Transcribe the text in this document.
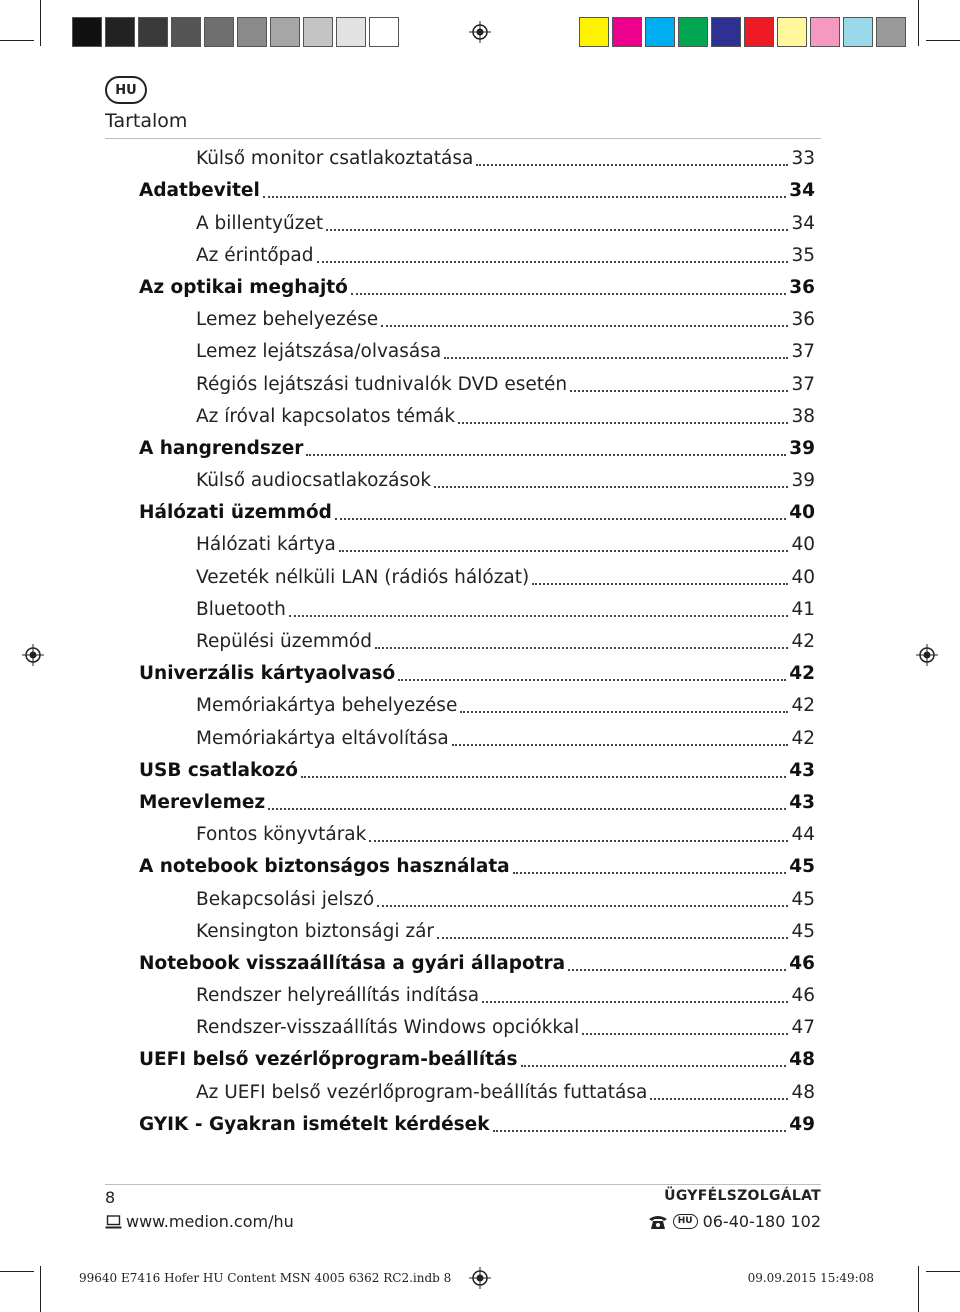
HU
Tartalom
Külső monitor csatlakoztatása	33
Adatbevitel	34
A billentyűzet	34
Az érintőpad	35
Az optikai meghajtó	36
Lemez behelyezése	36
Lemez lejátszása/olvasása	37
Régiós lejátszási tudnivalók DVD esetén	37
Az íróval kapcsolatos témák	38
A hangrendszer	39
Külső audiocsatlakozások	39
Hálózati üzemmód	40
Hálózati kártya	40
Vezeték nélküli LAN (rádiós hálózat)	40
Bluetooth	41
Repülési üzemmód	42
Univerzális kártyaolvasó	42
Memóriakártya behelyezése	42
Memóriakártya eltávolítása	42
USB csatlakozó	43
Merevlemez	43
Fontos könyvtárak	44
A notebook biztonságos használata	45
Bekapcsolási jelszó	45
Kensington biztonsági zár	45
Notebook visszaállítása a gyári állapotra	46
Rendszer helyreállítás indítása	46
Rendszer-visszaállítás Windows opciókkal	47
UEFI belső vezérlőprogram-beállítás	48
Az UEFI belső vezérlőprogram-beállítás futtatása	48
GYIK - Gyakran ismételt kérdések	49
8
www.medion.com/hu
ÜGYFÉLSZOLGÁLAT
HU 06-40-180 102
99640 E7416 Hofer HU Content MSN 4005 6362 RC2.indb 8	09.09.2015 15:49:08
